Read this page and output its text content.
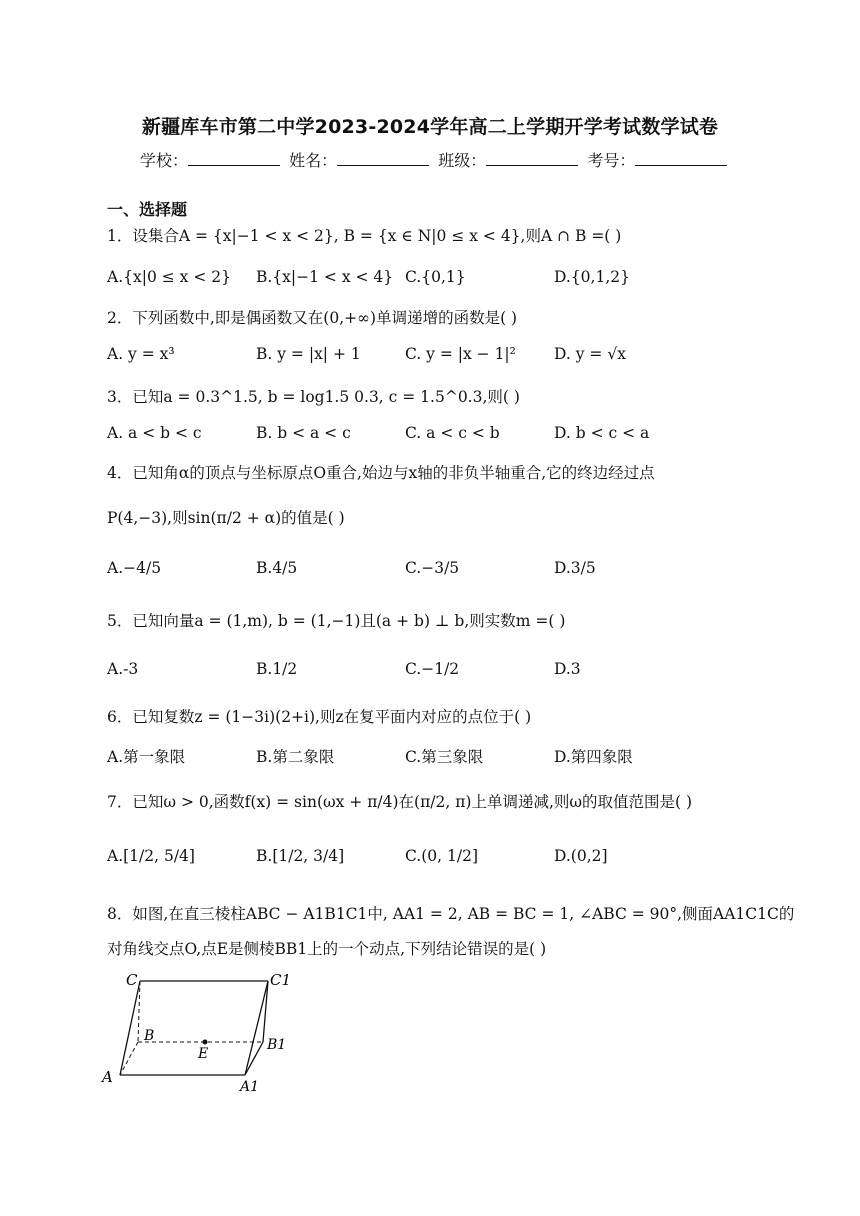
新疆库车市第二中学2023-2024学年高二上学期开学考试数学试卷
学校：	姓名：	班级：	考号：
一、选择题
1．设集合A = {x|−1 < x < 2}, B = {x ∈ N|0 ≤ x < 4},则A ∩ B =( )
A.{x|0 ≤ x < 2} B.{x|−1 < x < 4} C.{0,1}	D.{0,1,2}
2．下列函数中,即是偶函数又在(0,+∞)单调递增的函数是( )
A. y = x³	B. y = |x| + 1	C. y = |x − 1|² D. y = √x
3．已知a = 0.3^1.5, b = log1.5 0.3, c = 1.5^0.3,则( )
A. a < b < c	B. b < a < c	C. a < c < b	D. b < c < a
4．已知角α的顶点与坐标原点O重合,始边与x轴的非负半轴重合,它的终边经过点
P(4,−3),则sin(π/2 + α)的值是( )
A.−4/5	B.4/5	C.−3/5	D.3/5
5．已知向量a = (1,m), b = (1,−1)且(a + b) ⊥ b,则实数m =( )
A.-3	B.1/2	C.−1/2	D.3
6．已知复数z = (1−3i)(2+i),则z在复平面内对应的点位于( )
A.第一象限	B.第二象限	C.第三象限	D.第四象限
7．已知ω > 0,函数f(x) = sin(ωx + π/4)在(π/2, π)上单调递减,则ω的取值范围是( )
A.[1/2, 5/4]	B.[1/2, 3/4]	C.(0, 1/2]	D.(0,2]
8．如图,在直三棱柱ABC − A1B1C1中, AA1 = 2, AB = BC = 1, ∠ABC = 90°,侧面AA1C1C的
对角线交点O,点E是侧棱BB1上的一个动点,下列结论错误的是( )
C	C1
B
B1
A
A1
E
